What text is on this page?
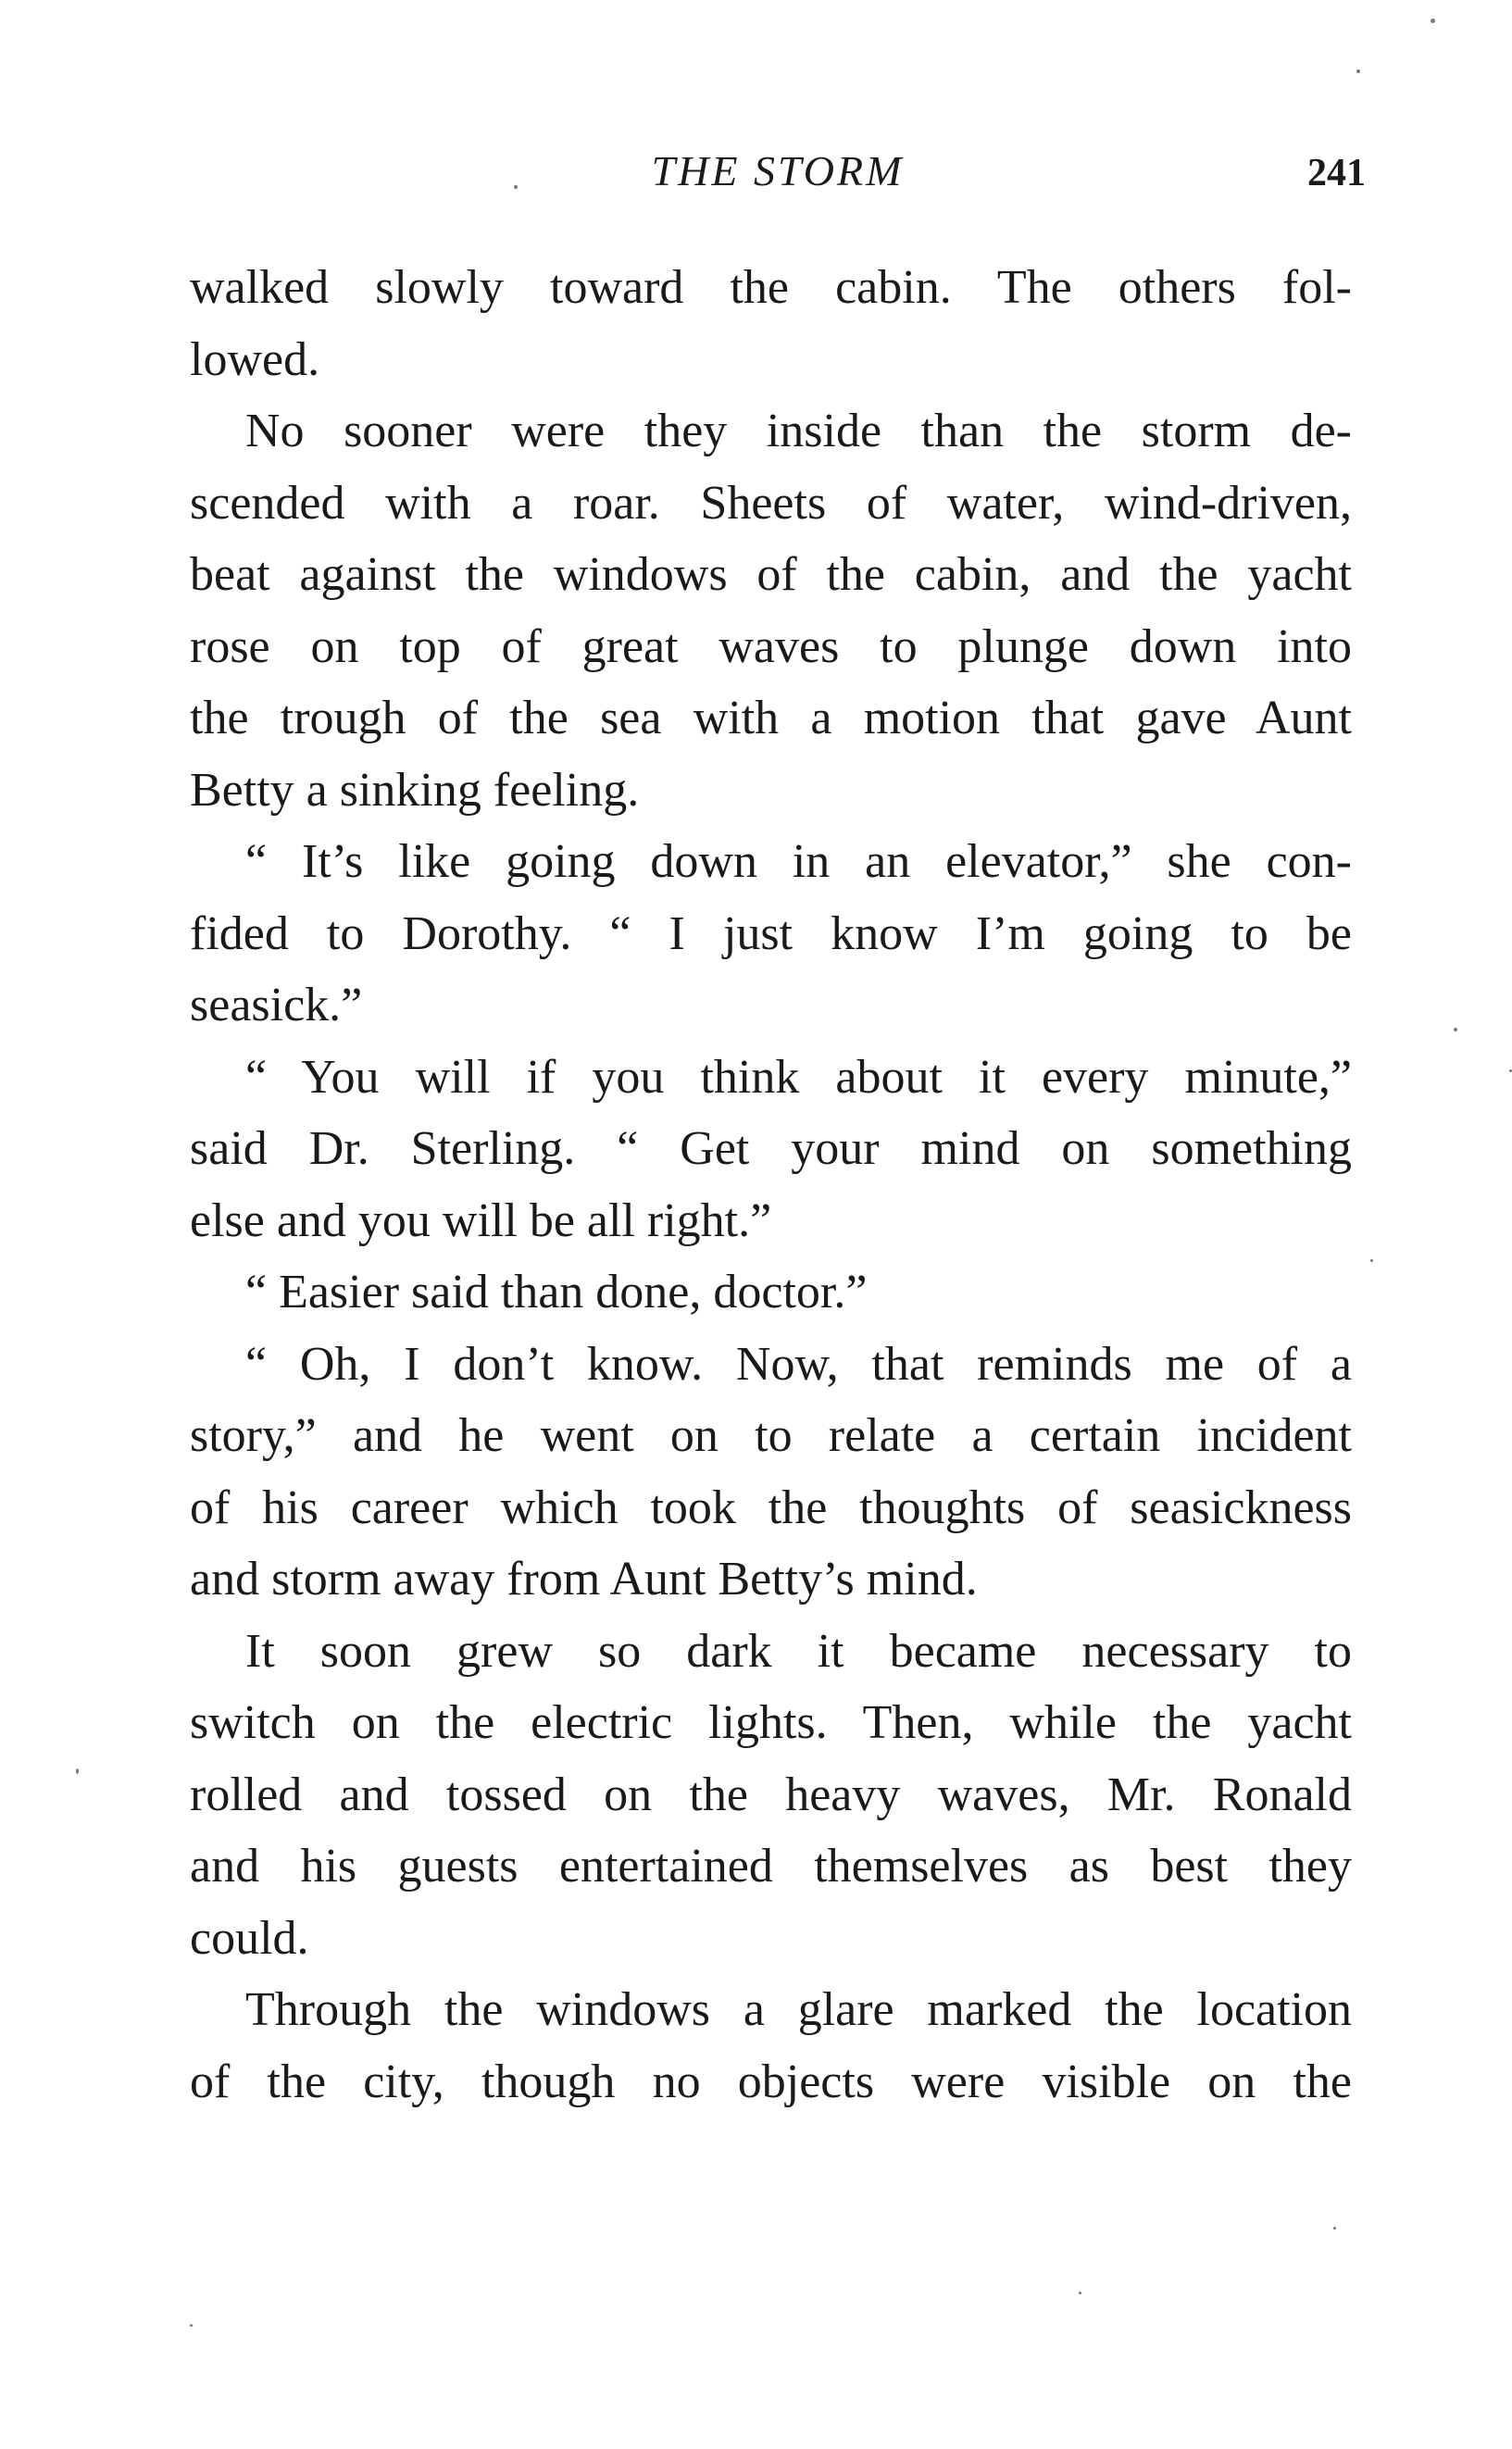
THE STORM	241
walked slowly toward the cabin. The others fol-
lowed.
No sooner were they inside than the storm de-
scended with a roar. Sheets of water, wind-driven,
beat against the windows of the cabin, and the yacht
rose on top of great waves to plunge down into
the trough of the sea with a motion that gave Aunt
Betty a sinking feeling.
“ It’s like going down in an elevator,” she con-
fided to Dorothy. “ I just know I’m going to be
seasick.”
“ You will if you think about it every minute,”
said Dr. Sterling. “ Get your mind on something
else and you will be all right.”
“ Easier said than done, doctor.”
“ Oh, I don’t know. Now, that reminds me of a
story,” and he went on to relate a certain incident
of his career which took the thoughts of seasickness
and storm away from Aunt Betty’s mind.
It soon grew so dark it became necessary to
switch on the electric lights. Then, while the yacht
rolled and tossed on the heavy waves, Mr. Ronald
and his guests entertained themselves as best they
could.
Through the windows a glare marked the location
of the city, though no objects were visible on the
